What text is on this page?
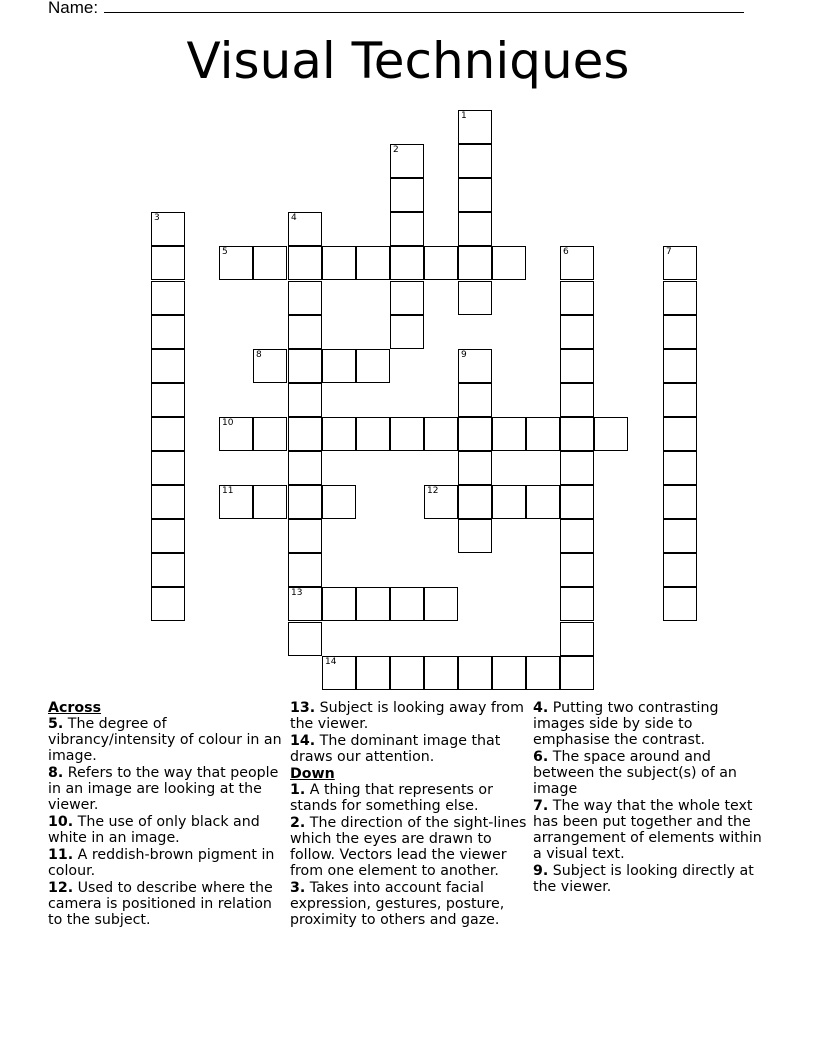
Name:
Visual Techniques
1
2
3	4
5	6	7
8	9
10
11	12
13
14
Across
5. The degree of vibrancy/intensity of colour in an image.
8. Refers to the way that people in an image are looking at the viewer.
10. The use of only black and white in an image.
11. A reddish-brown pigment in colour.
12. Used to describe where the camera is positioned in relation to the subject.
13. Subject is looking away from the viewer.
14. The dominant image that draws our attention.
Down
1. A thing that represents or stands for something else.
2. The direction of the sight-lines which the eyes are drawn to follow. Vectors lead the viewer from one element to another.
3. Takes into account facial expression, gestures, posture, proximity to others and gaze.
4. Putting two contrasting images side by side to emphasise the contrast.
6. The space around and between the subject(s) of an image
7. The way that the whole text has been put together and the arrangement of elements within a visual text.
9. Subject is looking directly at the viewer.
